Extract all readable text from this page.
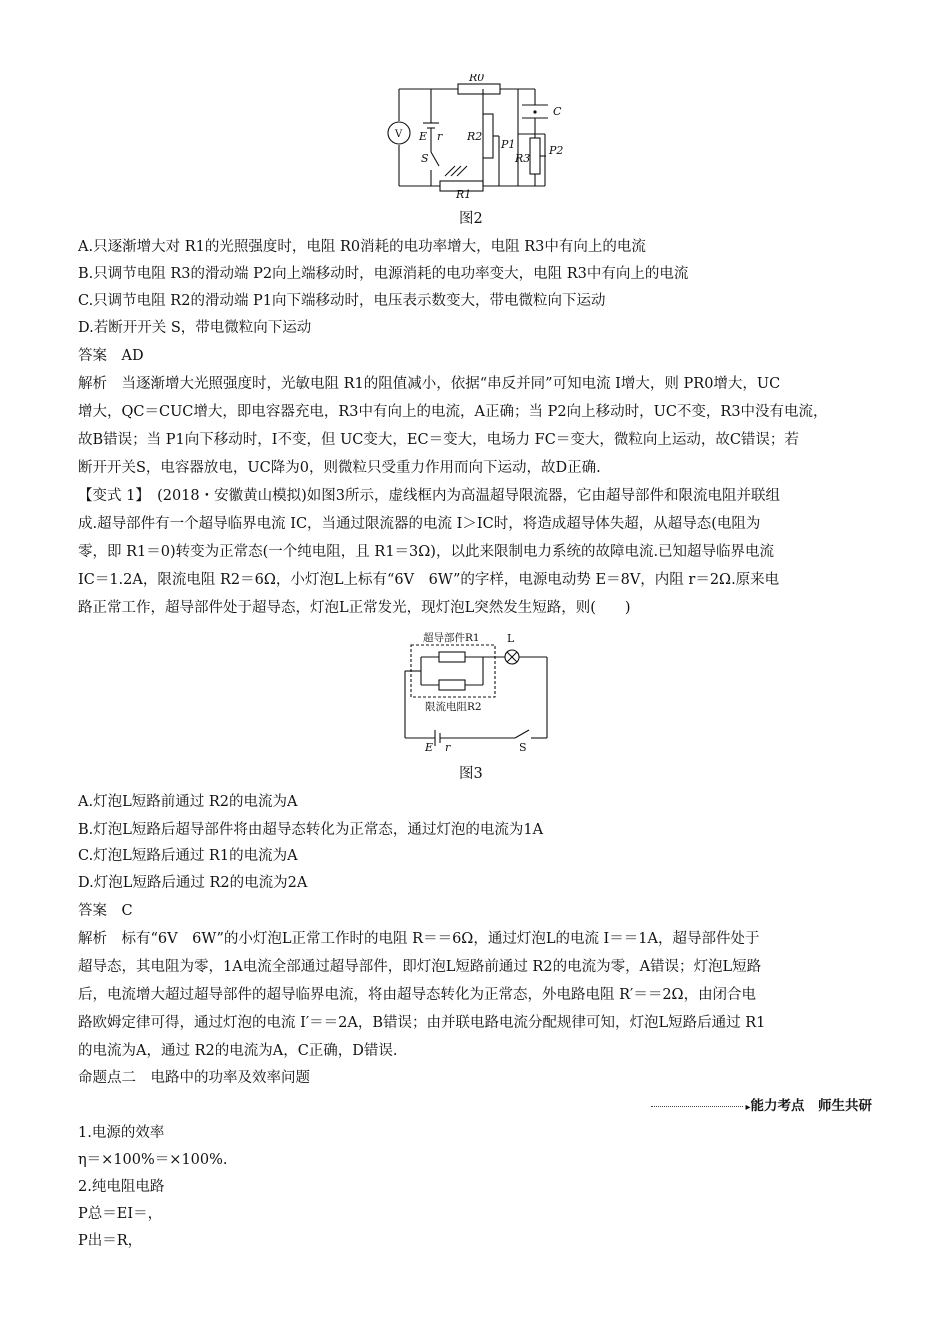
R0
C
E r R2
P1
R3
P2
S
R1
V
图2
A.只逐渐增大对 R1的光照强度时，电阻 R0消耗的电功率增大，电阻 R3中有向上的电流
B.只调节电阻 R3的滑动端 P2向上端移动时，电源消耗的电功率变大，电阻 R3中有向上的电流
C.只调节电阻 R2的滑动端 P1向下端移动时，电压表示数变大，带电微粒向下运动
D.若断开开关 S，带电微粒向下运动
答案　AD
解析　当逐渐增大光照强度时，光敏电阻 R1的阻值减小，依据“串反并同”可知电流 I增大，则 PR0增大，UC
增大，QC＝CUC增大，即电容器充电，R3中有向上的电流，A正确；当 P2向上移动时，UC不变，R3中没有电流，
故B错误；当 P1向下移动时，I不变，但 UC变大，EC＝变大，电场力 FC＝变大，微粒向上运动，故C错误；若
断开开关S，电容器放电，UC降为0，则微粒只受重力作用而向下运动，故D正确.
【变式 1】　(2018・安徽黄山模拟)如图3所示，虚线框内为高温超导限流器，它由超导部件和限流电阻并联组
成.超导部件有一个超导临界电流 IC，当通过限流器的电流 I＞IC时，将造成超导体失超，从超导态(电阻为
零，即 R1＝0)转变为正常态(一个纯电阻，且 R1＝3Ω)，以此来限制电力系统的故障电流.已知超导临界电流
IC＝1.2A，限流电阻 R2＝6Ω，小灯泡L上标有“6V　6W”的字样，电源电动势 E＝8V，内阻 r＝2Ω.原来电
路正常工作，超导部件处于超导态，灯泡L正常发光，现灯泡L突然发生短路，则(　　)
超导部件R1 L
限流电阻R2
E r	S
图3
A.灯泡L短路前通过 R2的电流为A
B.灯泡L短路后超导部件将由超导态转化为正常态，通过灯泡的电流为1A
C.灯泡L短路后通过 R1的电流为A
D.灯泡L短路后通过 R2的电流为2A
答案　C
解析　标有“6V　6W”的小灯泡L正常工作时的电阻 R＝＝6Ω，通过灯泡L的电流 I＝＝1A，超导部件处于
超导态，其电阻为零，1A电流全部通过超导部件，即灯泡L短路前通过 R2的电流为零，A错误；灯泡L短路
后，电流增大超过超导部件的超导临界电流，将由超导态转化为正常态，外电路电阻 R′＝＝2Ω，由闭合电
路欧姆定律可得，通过灯泡的电流 I′＝＝2A，B错误；由并联电路电流分配规律可知，灯泡L短路后通过 R1
的电流为A，通过 R2的电流为A，C正确，D错误.
命题点二　电路中的功率及效率问题
▸能力考点　师生共研
1.电源的效率
η＝×100%＝×100%.
2.纯电阻电路
P总＝EI＝，
P出＝R，
